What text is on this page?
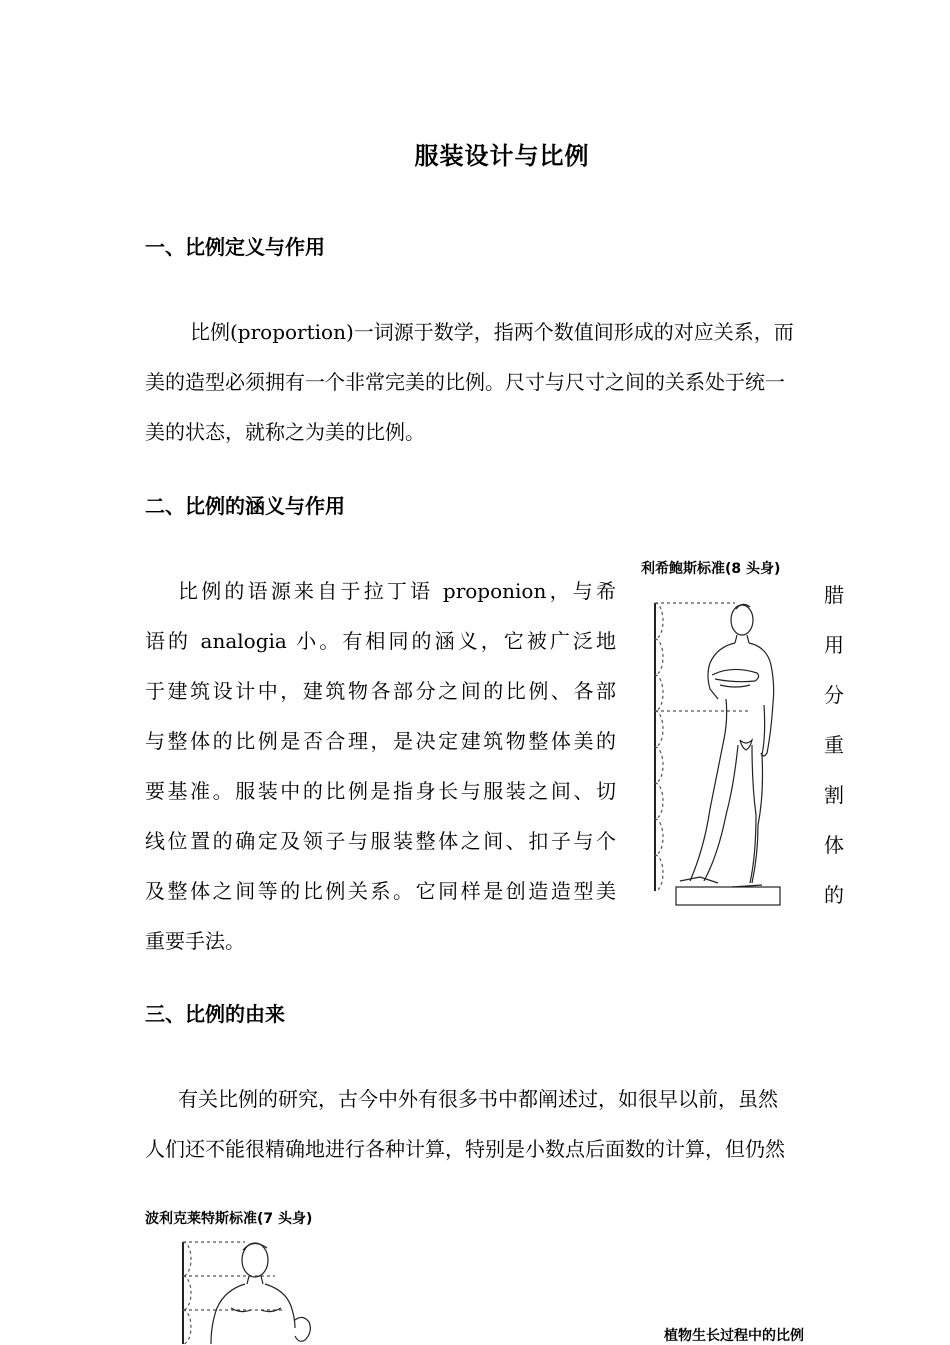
服装设计与比例
一、比例定义与作用
比例(proportion)一词源于数学，指两个数值间形成的对应关系，而
美的造型必须拥有一个非常完美的比例。尺寸与尺寸之间的关系处于统一
美的状态，就称之为美的比例。
二、比例的涵义与作用
比例的语源来自于拉丁语 proponion，与希
语的 analogia 小。有相同的涵义，它被广泛地
于建筑设计中，建筑物各部分之间的比例、各部
与整体的比例是否合理，是决定建筑物整体美的
要基准。服装中的比例是指身长与服装之间、切
线位置的确定及领子与服装整体之间、扣子与个
及整体之间等的比例关系。它同样是创造造型美
重要手法。
腊
用
分
重
割
体
的
利希鲍斯标准(8 头身)
三、比例的由来
有关比例的研究，古今中外有很多书中都阐述过，如很早以前，虽然
人们还不能很精确地进行各种计算，特别是小数点后面数的计算，但仍然
波利克莱特斯标准(7 头身)
植物生长过程中的比例
